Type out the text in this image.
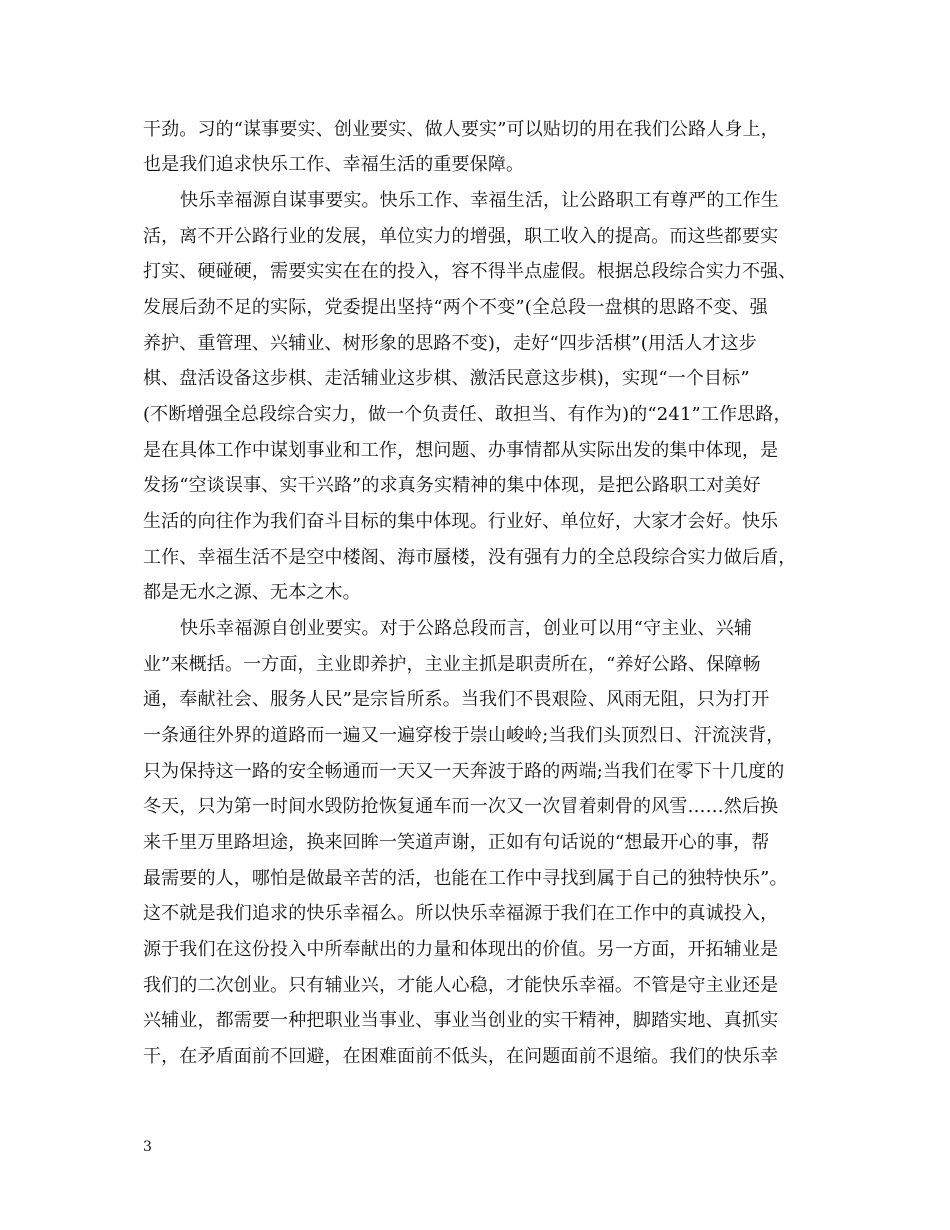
干劲。习的“谋事要实、创业要实、做人要实”可以贴切的用在我们公路人身上，
也是我们追求快乐工作、幸福生活的重要保障。
快乐幸福源自谋事要实。快乐工作、幸福生活，让公路职工有尊严的工作生
活，离不开公路行业的发展，单位实力的增强，职工收入的提高。而这些都要实
打实、硬碰硬，需要实实在在的投入，容不得半点虚假。根据总段综合实力不强、
发展后劲不足的实际，党委提出坚持“两个不变”(全总段一盘棋的思路不变、强
养护、重管理、兴辅业、树形象的思路不变)，走好“四步活棋”(用活人才这步
棋、盘活设备这步棋、走活辅业这步棋、激活民意这步棋)，实现“一个目标”
(不断增强全总段综合实力，做一个负责任、敢担当、有作为)的“241”工作思路，
是在具体工作中谋划事业和工作，想问题、办事情都从实际出发的集中体现，是
发扬“空谈误事、实干兴路”的求真务实精神的集中体现，是把公路职工对美好
生活的向往作为我们奋斗目标的集中体现。行业好、单位好，大家才会好。快乐
工作、幸福生活不是空中楼阁、海市蜃楼，没有强有力的全总段综合实力做后盾，
都是无水之源、无本之木。
快乐幸福源自创业要实。对于公路总段而言，创业可以用“守主业、兴辅
业”来概括。一方面，主业即养护，主业主抓是职责所在，“养好公路、保障畅
通，奉献社会、服务人民”是宗旨所系。当我们不畏艰险、风雨无阻，只为打开
一条通往外界的道路而一遍又一遍穿梭于崇山峻岭;当我们头顶烈日、汗流浃背，
只为保持这一路的安全畅通而一天又一天奔波于路的两端;当我们在零下十几度的
冬天，只为第一时间水毁防抢恢复通车而一次又一次冒着刺骨的风雪……然后换
来千里万里路坦途，换来回眸一笑道声谢，正如有句话说的“想最开心的事，帮
最需要的人，哪怕是做最辛苦的活，也能在工作中寻找到属于自己的独特快乐”。
这不就是我们追求的快乐幸福么。所以快乐幸福源于我们在工作中的真诚投入，
源于我们在这份投入中所奉献出的力量和体现出的价值。另一方面，开拓辅业是
我们的二次创业。只有辅业兴，才能人心稳，才能快乐幸福。不管是守主业还是
兴辅业，都需要一种把职业当事业、事业当创业的实干精神，脚踏实地、真抓实
干，在矛盾面前不回避，在困难面前不低头，在问题面前不退缩。我们的快乐幸
3
